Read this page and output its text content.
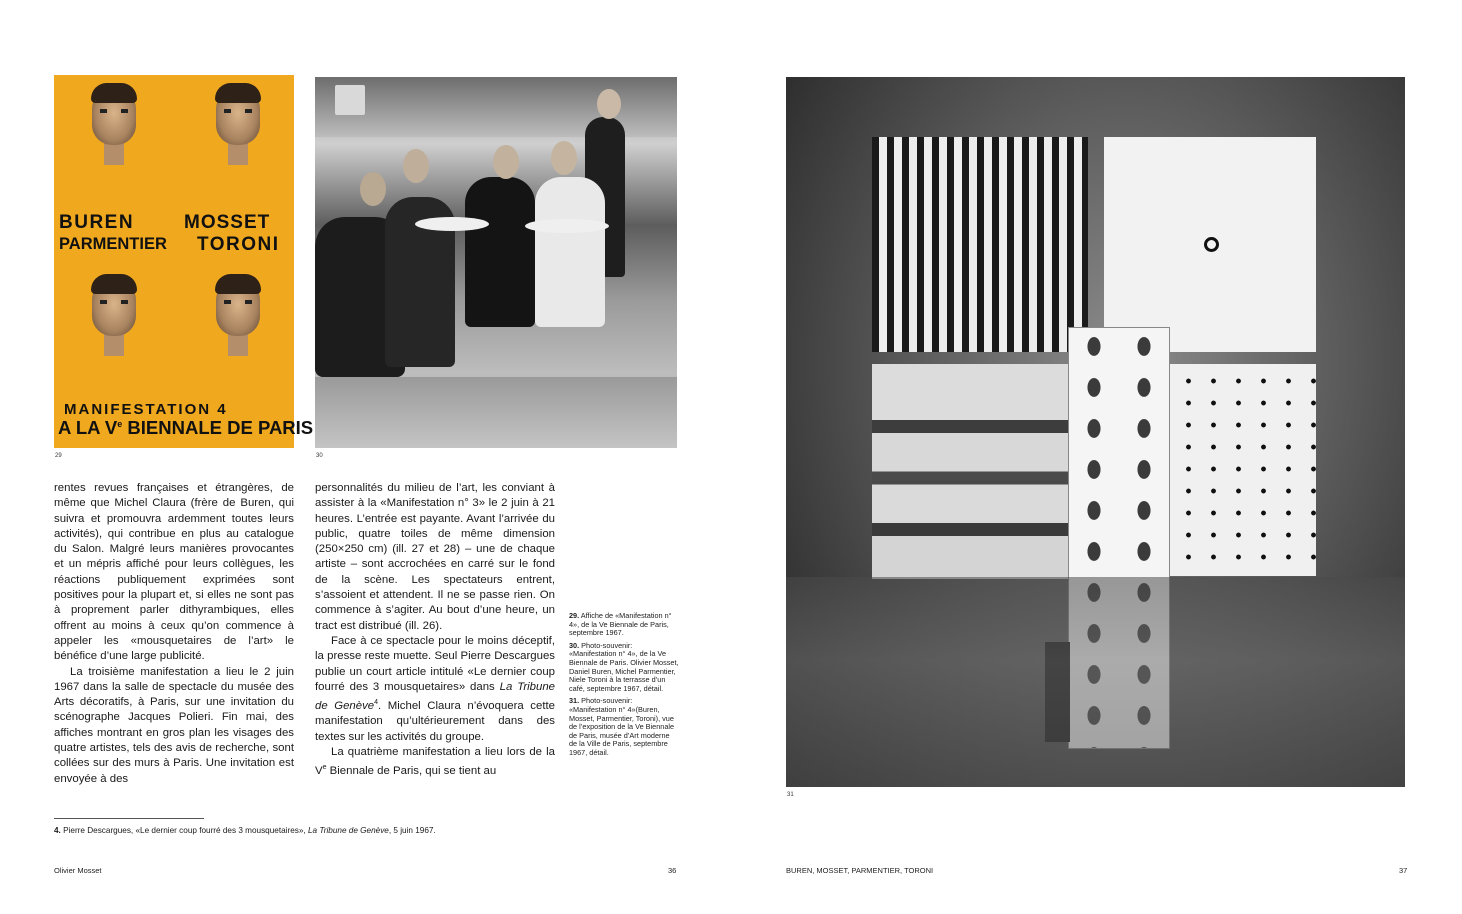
BUREN	MOSSET
PARMENTIER TORONI
MANIFESTATION 4
A LA Ve BIENNALE DE PARIS
29	30
31

rentes revues françaises et étrangères, de même que Michel Claura (frère de Buren, qui suivra et promouvra ardemment toutes leurs activités), qui contribue en plus au catalogue du Salon. Malgré leurs manières provocantes et un mépris affiché pour leurs collègues, les réactions publiquement exprimées sont positives pour la plupart et, si elles ne sont pas à proprement parler dithyrambiques, elles offrent au moins à ceux qu’on commence à appeler les «mousquetaires de l’art» le bénéfice d’une large publicité.

La troisième manifestation a lieu le 2 juin 1967 dans la salle de spectacle du musée des Arts décoratifs, à Paris, sur une invitation du scénographe Jacques Polieri. Fin mai, des affiches montrant en gros plan les visages des quatre artistes, tels des avis de recherche, sont collées sur des murs à Paris. Une invitation est envoyée à des

personnalités du milieu de l’art, les conviant à assister à la «Manifestation n° 3» le 2 juin à 21 heures. L’entrée est payante. Avant l’arrivée du public, quatre toiles de même dimension (250×250 cm) (ill. 27 et 28) – une de chaque artiste – sont accrochées en carré sur le fond de la scène. Les spectateurs entrent, s’assoient et attendent. Il ne se passe rien. On commence à s’agiter. Au bout d’une heure, un tract est distribué (ill. 26).

Face à ce spectacle pour le moins déceptif, la presse reste muette. Seul Pierre Descargues publie un court article intitulé «Le dernier coup fourré des 3 mousquetaires» dans La Tribune de Genève$^4$. Michel Claura n’évoquera cette manifestation qu’ultérieurement dans des textes sur les activités du groupe.

La quatrième manifestation a lieu lors de la Ve Biennale de Paris, qui se tient au

29. Affiche de «Manifestation n° 4», de la Ve Biennale de Paris, septembre 1967.

30. Photo-souvenir: «Manifestation n° 4», de la Ve Biennale de Paris. Olivier Mosset, Daniel Buren, Michel Parmentier, Niele Toroni à la terrasse d’un café, septembre 1967, détail.

31. Photo-souvenir: «Manifestation n° 4»(Buren, Mosset, Parmentier, Toroni), vue de l’exposition de la Ve Biennale de Paris, musée d’Art moderne de la Ville de Paris, septembre 1967, détail.

4. Pierre Descargues, «Le dernier coup fourré des 3 mousquetaires», La Tribune de Genève, 5 juin 1967.
Olivier Mosset	36	BUREN, MOSSET, PARMENTIER, TORONI	37
